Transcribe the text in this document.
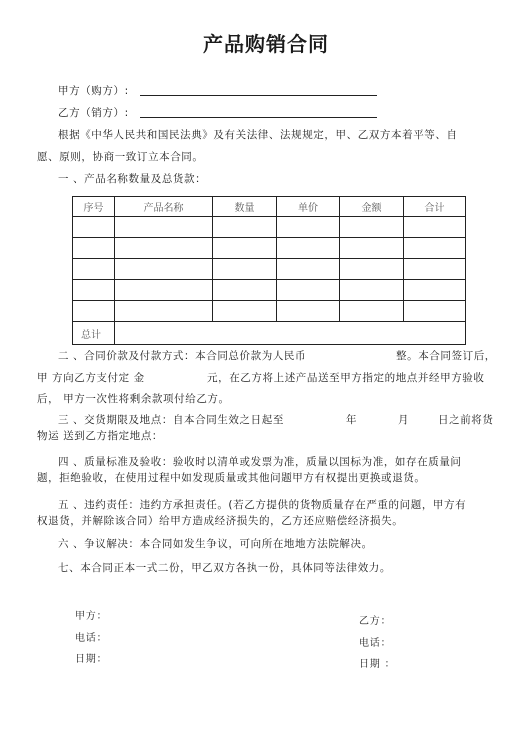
产品购销合同
甲方（购方）:
乙方（销方）:
根据《中华人民共和国民法典》及有关法律、法规规定，甲、乙双方本着平等、自
愿、原则，协商一致订立本合同。
一 、产品名称数量及总货款：
序号	产品名称	数量	单价	金额	合计

总计					
二 、合同价款及付款方式：本合同总价款为人民币	整。本合同签订后，
甲 方向乙方支付定 金	元，在乙方将上述产品送至甲方指定的地点并经甲方验收
后， 甲方一次性将剩余款项付给乙方。
三 、交货期限及地点：自本合同生效之日起至	年	月	日之前将货
物运 送到乙方指定地点：
四 、质量标准及验收：验收时以清单或发票为准，质量以国标为准，如存在质量问
题，拒绝验收，在使用过程中如发现质量或其他问题甲方有权提出更换或退货。
五 、违约责任：违约方承担责任。(若乙方提供的货物质量存在严重的问题，甲方有
权退货，并解除该合同）给甲方造成经济损失的，乙方还应赔偿经济损失。
六 、争议解决：本合同如发生争议，可向所在地地方法院解决。
七、本合同正本一式二份，甲乙双方各执一份，具体同等法律效力。
甲方：
电话：
日期：
乙方：
电话：
日期 ：
